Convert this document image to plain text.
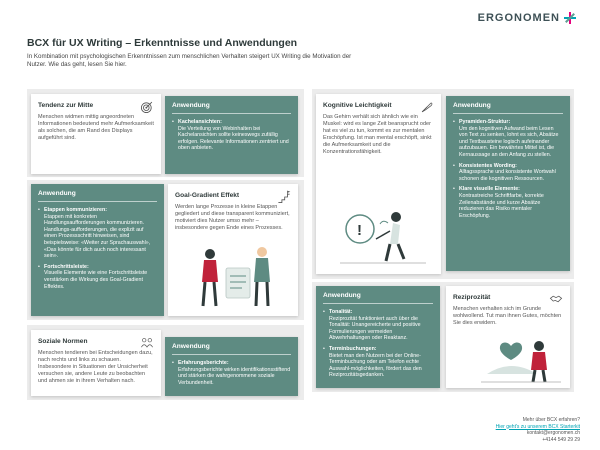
ERGONOMEN
BCX für UX Writing – Erkenntnisse und Anwendungen
In Kombination mit psychologischen Erkenntnissen zum menschlichen Verhalten steigert UX Writing die Motivation der Nutzer. Wie das geht, lesen Sie hier.
Tendenz zur Mitte

Menschen widmen mittig angeordneten Informationen bedeutend mehr Aufmerksamkeit als solchen, die am Rand des Displays aufgeführt sind.

Anwendung
• Kachelansichten:
Die Verteilung von Webinhalten bei Kachelansichten sollte keineswegs zufällig erfolgen. Relevante Informationen zentriert und oben anbieten.
Kognitive Leichtigkeit

Das Gehirn verhält sich ähnlich wie ein Muskel: wird es lange Zeit beansprucht oder hat es viel zu tun, kommt es zur mentalen Erschöpfung. Ist man mental erschöpft, sinkt die Aufmerksamkeit und die Konzentrationsfähigkeit.

!
Anwendung
• Pyramiden-Struktur:
Um den kognitiven Aufwand beim Lesen von Text zu senken, lohnt es sich, Absätze und Textbausteine logisch aufeinander aufzubauen. Ein bewährtes Mittel ist, die Kernaussage an den Anfang zu stellen.
• Konsistentes Wording:
Alltagssprache und konsistente Wortwahl schonen die kognitiven Ressourcen.
• Klare visuelle Elemente:
Kontrastreiche Schriftfarbe, korrekte Zeilenabstände und kurze Absätze reduzieren das Risiko mentaler Erschöpfung.
Anwendung
• Etappen kommunizieren:
Etappen mit konkreten Handlungsaufforderungen kommunizieren. Handlungs-aufforderungen, die explizit auf einen Prozessschritt hinweisen, sind beispielsweise: «Weiter zur Sprachauswahl», «Das könnte für dich auch noch interessant sein».
• Fortschrittsleiste:
Visuelle Elemente wie eine Fortschrittsleiste verstärken die Wirkung des Goal-Gradient Effektes.
Goal-Gradient Effekt

Werden lange Prozesse in kleine Etappen gegliedert und diese transparent kommuniziert, motiviert dies Nutzer umso mehr – insbesondere gegen Ende eines Prozesses.

Anwendung
• Tonalität:
Reziprozität funktioniert auch über die Tonalität: Unangereicherte und positive Formulierungen vermeiden Abwehrhaltungen oder Reaktanz.
• Terminbuchungen:
Bietet man den Nutzern bei der Online-Terminbuchung oder am Telefon echte Auswahl-möglichkeiten, fördert das den Reziprozitätsgedanken.
Reziprozität

Menschen verhalten sich im Grunde wohlwollend. Tut man ihnen Gutes, möchten Sie dies erwidern.

Soziale Normen

Menschen tendieren bei Entscheidungen dazu, nach rechts und links zu schauen. Insbesondere in Situationen der Unsicherheit versuchen sie, andere Leute zu beobachten und ahmen sie in ihrem Verhalten nach.

Anwendung
• Erfahrungsberichte:
Erfahrungsberichte wirken identifikationsstiftend und stärken die wahrgenommene soziale Verbundenheit.
Mehr über BCX erfahren?
Hier geht's zu unserem BCX Starterkit
kontakt@ergonomen.ch
+4144 549 29 29
